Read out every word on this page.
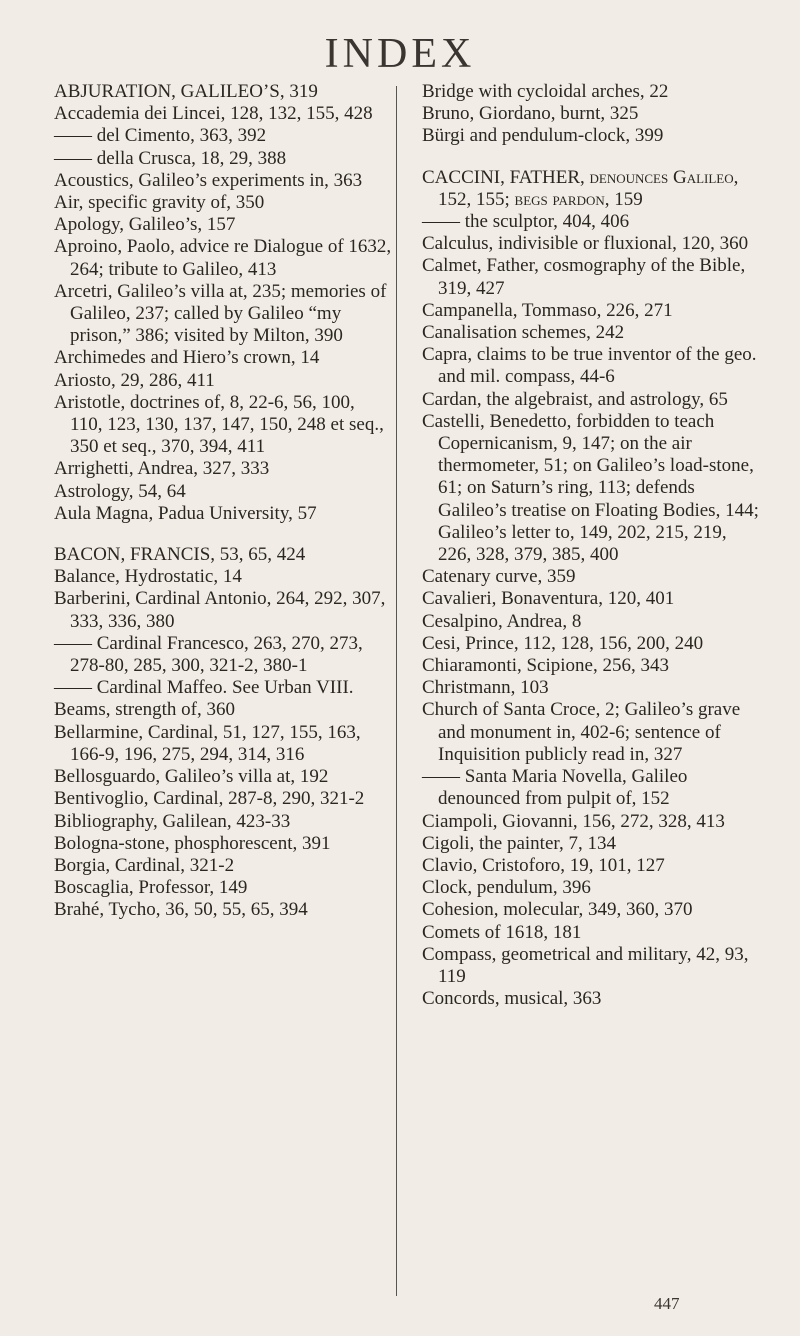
INDEX
ABJURATION, GALILEO’S, 319
Accademia dei Lincei, 128, 132, 155, 428
—— del Cimento, 363, 392
—— della Crusca, 18, 29, 388
Acoustics, Galileo’s experiments in, 363
Air, specific gravity of, 350
Apology, Galileo’s, 157
Aproino, Paolo, advice re Dialogue of 1632, 264; tribute to Galileo, 413
Arcetri, Galileo’s villa at, 235; memories of Galileo, 237; called by Galileo “my prison,” 386; visited by Milton, 390
Archimedes and Hiero’s crown, 14
Ariosto, 29, 286, 411
Aristotle, doctrines of, 8, 22-6, 56, 100, 110, 123, 130, 137, 147, 150, 248 et seq., 350 et seq., 370, 394, 411
Arrighetti, Andrea, 327, 333
Astrology, 54, 64
Aula Magna, Padua University, 57
BACON, FRANCIS, 53, 65, 424
Balance, Hydrostatic, 14
Barberini, Cardinal Antonio, 264, 292, 307, 333, 336, 380
—— Cardinal Francesco, 263, 270, 273, 278-80, 285, 300, 321-2, 380-1
—— Cardinal Maffeo. See Urban VIII.
Beams, strength of, 360
Bellarmine, Cardinal, 51, 127, 155, 163, 166-9, 196, 275, 294, 314, 316
Bellosguardo, Galileo’s villa at, 192
Bentivoglio, Cardinal, 287-8, 290, 321-2
Bibliography, Galilean, 423-33
Bologna-stone, phosphorescent, 391
Borgia, Cardinal, 321-2
Boscaglia, Professor, 149
Brahé, Tycho, 36, 50, 55, 65, 394
Bridge with cycloidal arches, 22
Bruno, Giordano, burnt, 325
Bürgi and pendulum-clock, 399
CACCINI, FATHER, denounces Galileo, 152, 155; begs pardon, 159
—— the sculptor, 404, 406
Calculus, indivisible or fluxional, 120, 360
Calmet, Father, cosmography of the Bible, 319, 427
Campanella, Tommaso, 226, 271
Canalisation schemes, 242
Capra, claims to be true inventor of the geo. and mil. compass, 44-6
Cardan, the algebraist, and astrology, 65
Castelli, Benedetto, forbidden to teach Copernicanism, 9, 147; on the air thermometer, 51; on Galileo’s load-stone, 61; on Saturn’s ring, 113; defends Galileo’s treatise on Floating Bodies, 144; Galileo’s letter to, 149, 202, 215, 219, 226, 328, 379, 385, 400
Catenary curve, 359
Cavalieri, Bonaventura, 120, 401
Cesalpino, Andrea, 8
Cesi, Prince, 112, 128, 156, 200, 240
Chiaramonti, Scipione, 256, 343
Christmann, 103
Church of Santa Croce, 2; Galileo’s grave and monument in, 402-6; sentence of Inquisition publicly read in, 327
—— Santa Maria Novella, Galileo denounced from pulpit of, 152
Ciampoli, Giovanni, 156, 272, 328, 413
Cigoli, the painter, 7, 134
Clavio, Cristoforo, 19, 101, 127
Clock, pendulum, 396
Cohesion, molecular, 349, 360, 370
Comets of 1618, 181
Compass, geometrical and military, 42, 93, 119
Concords, musical, 363
447
